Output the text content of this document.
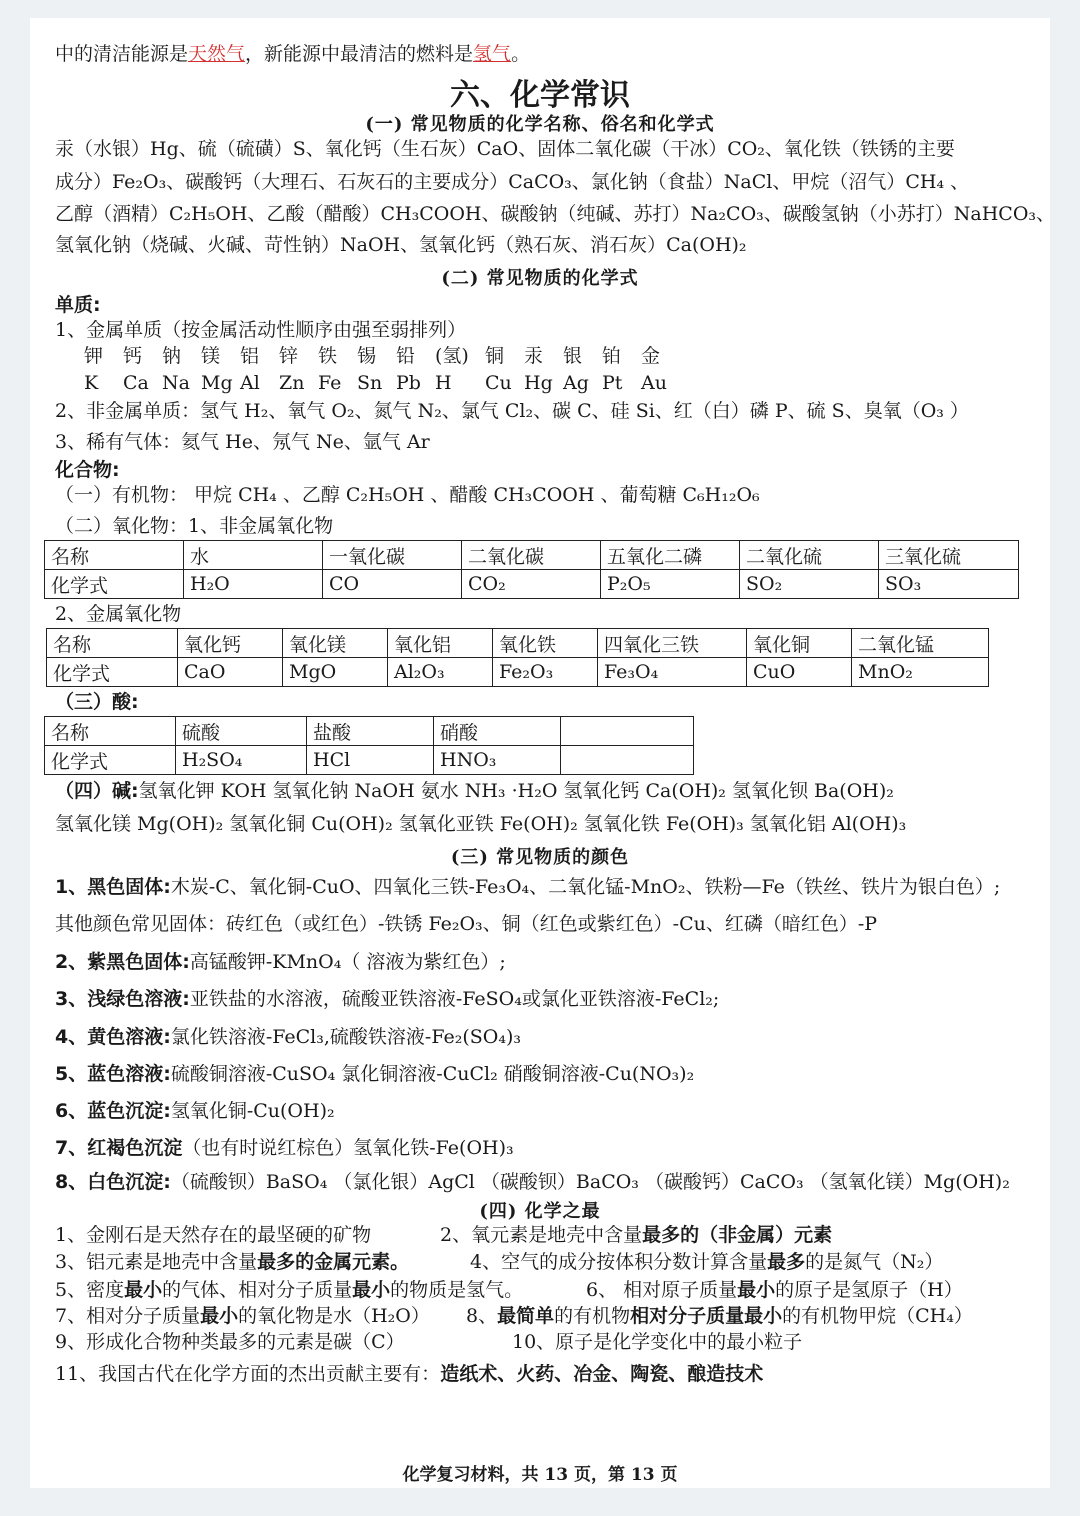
中的清洁能源是天然气，新能源中最清洁的燃料是氢气。
六、化学常识
(一) 常见物质的化学名称、俗名和化学式
汞（水银）Hg、硫（硫磺）S、氧化钙（生石灰）CaO、固体二氧化碳（干冰）CO₂、氧化铁（铁锈的主要
成分）Fe₂O₃、碳酸钙（大理石、石灰石的主要成分）CaCO₃、氯化钠（食盐）NaCl、甲烷（沼气）CH₄ 、
乙醇（酒精）C₂H₅OH、乙酸（醋酸）CH₃COOH、碳酸钠（纯碱、苏打）Na₂CO₃、碳酸氢钠（小苏打）NaHCO₃、
氢氧化钠（烧碱、火碱、苛性钠）NaOH、氢氧化钙（熟石灰、消石灰）Ca(OH)₂
(二) 常见物质的化学式
单质:
1、金属单质（按金属活动性顺序由强至弱排列）
钾 钙 钠 镁 铝 锌 铁 锡 铅 (氢) 铜 汞 银 铂 金
K Ca Na Mg Al Zn Fe Sn Pb H Cu Hg Ag Pt Au
2、非金属单质：氢气 H₂、氧气 O₂、氮气 N₂、氯气 Cl₂、碳 C、硅 Si、红（白）磷 P、硫 S、臭氧（O₃ ）
3、稀有气体：氦气 He、氖气 Ne、氩气 Ar
化合物:
（一）有机物： 甲烷 CH₄ 、乙醇 C₂H₅OH 、醋酸 CH₃COOH 、葡萄糖 C₆H₁₂O₆
（二）氧化物：1、非金属氧化物
名称	水	一氧化碳	二氧化碳	五氧化二磷	二氧化硫	三氧化硫
化学式	H₂O	CO	CO₂	P₂O₅	SO₂	SO₃
2、金属氧化物
名称	氧化钙	氧化镁	氧化铝	氧化铁	四氧化三铁	氧化铜	二氧化锰
化学式	CaO	MgO	Al₂O₃	Fe₂O₃	Fe₃O₄	CuO	MnO₂
（三）酸:
名称	硫酸	盐酸	硝酸	
化学式	H₂SO₄	HCl	HNO₃	
（四）碱:氢氧化钾 KOH 氢氧化钠 NaOH 氨水 NH₃ ·H₂O 氢氧化钙 Ca(OH)₂ 氢氧化钡 Ba(OH)₂
氢氧化镁 Mg(OH)₂ 氢氧化铜 Cu(OH)₂ 氢氧化亚铁 Fe(OH)₂ 氢氧化铁 Fe(OH)₃ 氢氧化铝 Al(OH)₃
(三) 常见物质的颜色
1、黑色固体:木炭-C、氧化铜-CuO、四氧化三铁-Fe₃O₄、二氧化锰-MnO₂、铁粉—Fe（铁丝、铁片为银白色）;
其他颜色常见固体：砖红色（或红色）-铁锈 Fe₂O₃、铜（红色或紫红色）-Cu、红磷（暗红色）-P
2、紫黑色固体:高锰酸钾-KMnO₄（ 溶液为紫红色）;
3、浅绿色溶液:亚铁盐的水溶液，硫酸亚铁溶液-FeSO₄或氯化亚铁溶液-FeCl₂;
4、黄色溶液:氯化铁溶液-FeCl₃,硫酸铁溶液-Fe₂(SO₄)₃
5、蓝色溶液:硫酸铜溶液-CuSO₄ 氯化铜溶液-CuCl₂ 硝酸铜溶液-Cu(NO₃)₂
6、蓝色沉淀:氢氧化铜-Cu(OH)₂
7、红褐色沉淀（也有时说红棕色）氢氧化铁-Fe(OH)₃
8、白色沉淀:（硫酸钡）BaSO₄ （氯化银）AgCl （碳酸钡）BaCO₃ （碳酸钙）CaCO₃ （氢氧化镁）Mg(OH)₂
(四) 化学之最
1、金刚石是天然存在的最坚硬的矿物	2、氧元素是地壳中含量最多的（非金属）元素
3、铝元素是地壳中含量最多的金属元素。	4、空气的成分按体积分数计算含量最多的是氮气（N₂）
5、密度最小的气体、相对分子质量最小的物质是氢气。	6、 相对原子质量最小的原子是氢原子（H）
7、相对分子质量最小的氧化物是水（H₂O） 8、最简单的有机物相对分子质量最小的有机物甲烷（CH₄）
9、形成化合物种类最多的元素是碳（C）	10、原子是化学变化中的最小粒子
11、我国古代在化学方面的杰出贡献主要有：造纸术、火药、冶金、陶瓷、酿造技术
化学复习材料，共 13 页，第 13 页
